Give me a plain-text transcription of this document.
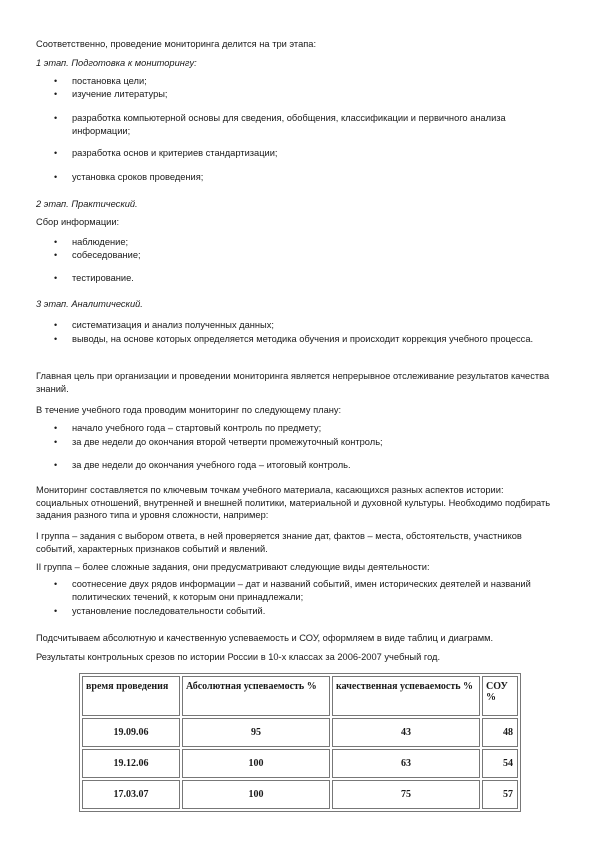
Соответственно, проведение мониторинга делится на три этапа:
1 этап. Подготовка к мониторингу:
• постановка цели;
• изучение литературы;
• разработка компьютерной основы для сведения, обобщения, классификации и первичного анализа информации;
• разработка основ и критериев стандартизации;
• установка сроков проведения;
2 этап. Практический.
Сбор информации:
• наблюдение;
• собеседование;
• тестирование.
3 этап. Аналитический.
• систематизация и анализ полученных данных;
• выводы, на основе которых определяется методика обучения и происходит коррекция учебного процесса.
Главная цель при организации и проведении мониторинга является непрерывное отслеживание результатов качества знаний.
В течение учебного года проводим мониторинг по следующему плану:
• начало учебного года – стартовый контроль по предмету;
• за две недели до окончания второй четверти промежуточный контроль;
• за две недели до окончания учебного года – итоговый контроль.
Мониторинг составляется по ключевым точкам учебного материала, касающихся разных аспектов истории: социальных отношений, внутренней и внешней политики, материальной и духовной культуры. Необходимо подбирать задания разного типа и уровня сложности, например:
I группа – задания с выбором ответа, в ней проверяется знание дат, фактов – места, обстоятельств, участников событий, характерных признаков событий и явлений.
II группа – более сложные задания, они предусматривают следующие виды деятельности:
• соотнесение двух рядов информации – дат и названий событий, имен исторических деятелей и названий политических течений, к которым они принадлежали;
• установление последовательности событий.
Подсчитываем абсолютную и качественную успеваемость и СОУ, оформляем в виде таблиц и диаграмм.
Результаты контрольных срезов по истории России в 10-х классах за 2006-2007 учебный год.
время проведения	Абсолютная успеваемость %	качественная успеваемость %	СОУ %
19.09.06	95	43	48
19.12.06	100	63	54
17.03.07	100	75	57
